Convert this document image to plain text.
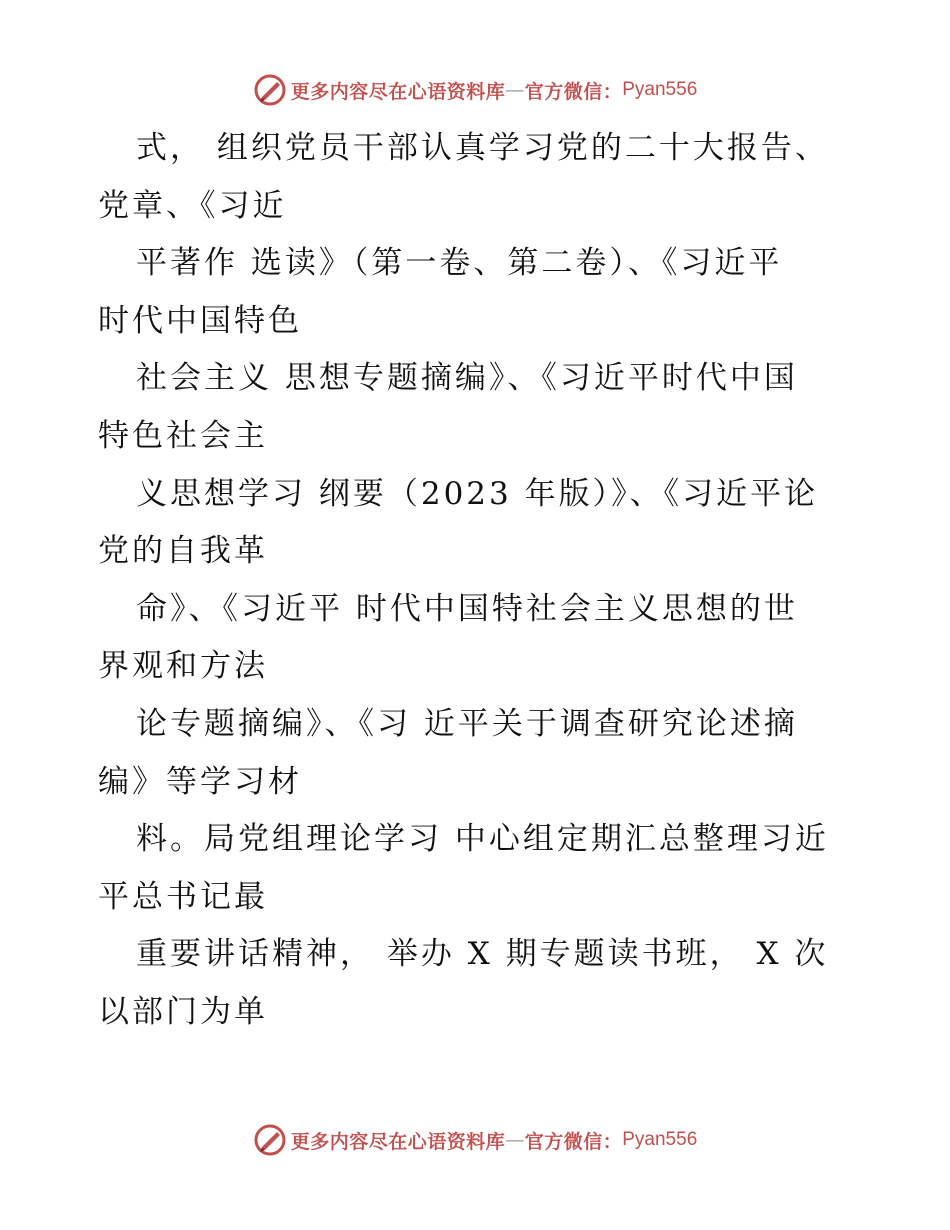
更多内容尽在心语资料库 — 官方微信： Pyan556
式， 组织党员干部认真学习党的二十大报告、
党章、《习近
平著作 选读》（第一卷、第二卷）、《习近平
时代中国特色
社会主义 思想专题摘编》、《习近平时代中国
特色社会主
义思想学习 纲要（2023 年版）》、《习近平论
党的自我革
命》、《习近平 时代中国特社会主义思想的世
界观和方法
论专题摘编》、《习 近平关于调查研究论述摘
编》等学习材
料。局党组理论学习 中心组定期汇总整理习近
平总书记最
重要讲话精神， 举办 X 期专题读书班， X 次
以部门为单
更多内容尽在心语资料库 — 官方微信： Pyan556
